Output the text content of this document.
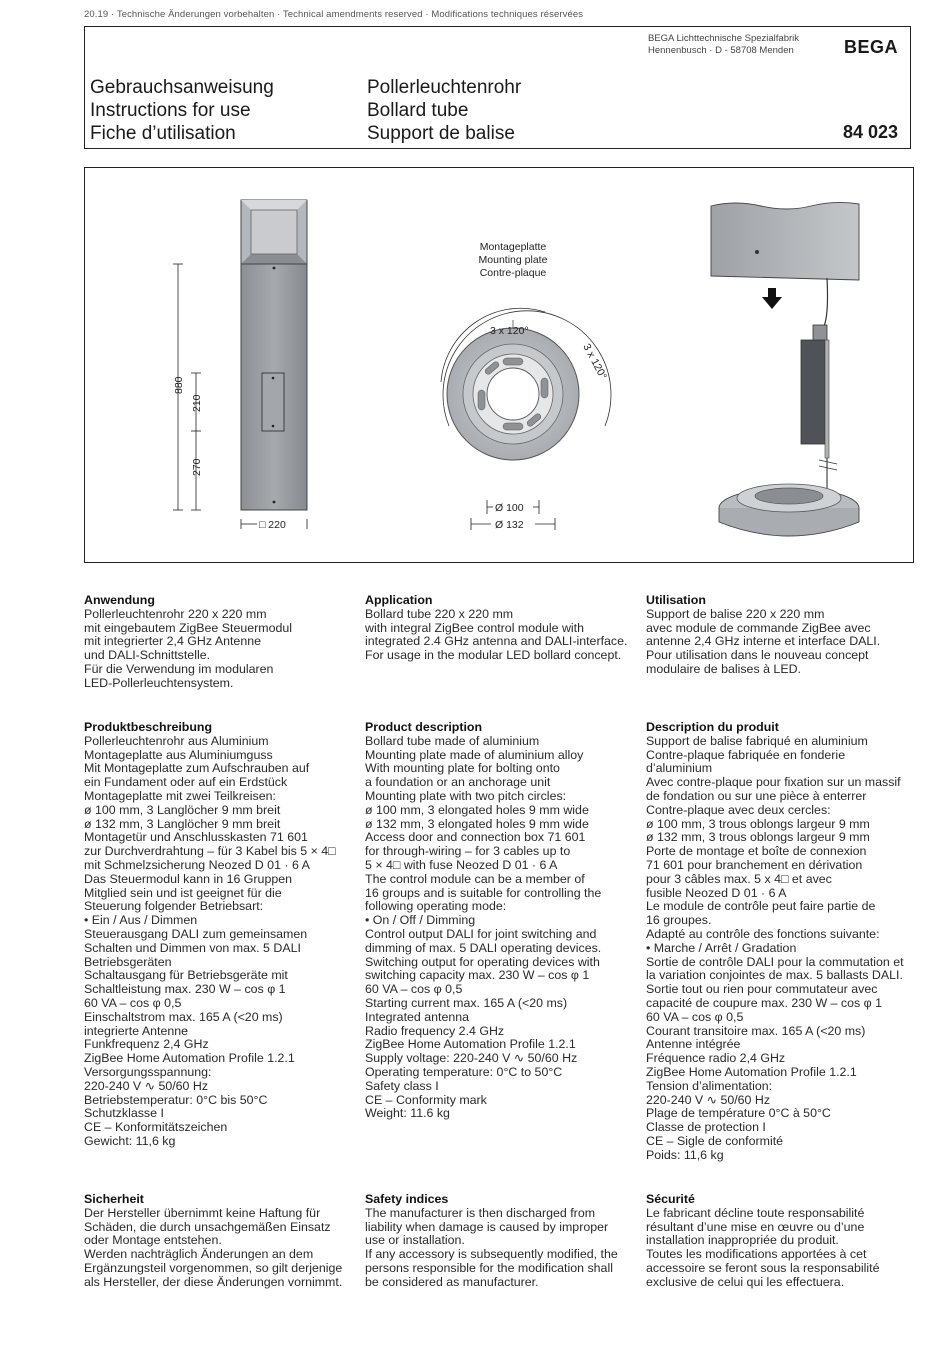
20.19 · Technische Änderungen vorbehalten · Technical amendments reserved · Modifications techniques réservées
BEGA Lichttechnische Spezialfabrik
Hennenbusch · D - 58708 Menden	BEGA
Gebrauchsanweisung
Instructions for use
Fiche d’utilisation
Pollerleuchtenrohr
Bollard tube
Support de balise	84 023
880
210
270
□ 220
Montageplatte
Mounting plate
Contre-plaque
3 x 120°
3 x 120°
Ø 100
Ø 132
Anwendung
Pollerleuchtenrohr 220 x 220 mm
mit eingebautem ZigBee Steuermodul
mit integrierter 2,4 GHz Antenne
und DALI-Schnittstelle.
Für die Verwendung im modularen
LED-Pollerleuchtensystem.
Produktbeschreibung
Pollerleuchtenrohr aus Aluminium
Montageplatte aus Aluminiumguss
Mit Montageplatte zum Aufschrauben auf
ein Fundament oder auf ein Erdstück
Montageplatte mit zwei Teilkreisen:
ø 100 mm, 3 Langlöcher 9 mm breit
ø 132 mm, 3 Langlöcher 9 mm breit
Montagetür und Anschlusskasten 71 601
zur Durchverdrahtung – für 3 Kabel bis 5 × 4□
mit Schmelzsicherung Neozed D 01 · 6 A
Das Steuermodul kann in 16 Gruppen
Mitglied sein und ist geeignet für die
Steuerung folgender Betriebsart:
• Ein / Aus / Dimmen
Steuerausgang DALI zum gemeinsamen
Schalten und Dimmen von max. 5 DALI
Betriebsgeräten
Schaltausgang für Betriebsgeräte mit
Schaltleistung max. 230 W – cos φ 1
60 VA – cos φ 0,5
Einschaltstrom max. 165 A (<20 ms)
integrierte Antenne
Funkfrequenz 2,4 GHz
ZigBee Home Automation Profile 1.2.1
Versorgungsspannung:
220-240 V ∿ 50/60 Hz
Betriebstemperatur: 0°C bis 50°C
Schutzklasse I
CE – Konformitätszeichen
Gewicht: 11,6 kg
Sicherheit
Der Hersteller übernimmt keine Haftung für
Schäden, die durch unsachgemäßen Einsatz
oder Montage entstehen.
Werden nachträglich Änderungen an dem
Ergänzungsteil vorgenommen, so gilt derjenige
als Hersteller, der diese Änderungen vornimmt.
Application
Bollard tube 220 x 220 mm
with integral ZigBee control module with
integrated 2.4 GHz antenna and DALI-interface.
For usage in the modular LED bollard concept.
Product description
Bollard tube made of aluminium
Mounting plate made of aluminium alloy
With mounting plate for bolting onto
a foundation or an anchorage unit
Mounting plate with two pitch circles:
ø 100 mm, 3 elongated holes 9 mm wide
ø 132 mm, 3 elongated holes 9 mm wide
Access door and connection box 71 601
for through-wiring – for 3 cables up to
5 × 4□ with fuse Neozed D 01 · 6 A
The control module can be a member of
16 groups and is suitable for controlling the
following operating mode:
• On / Off / Dimming
Control output DALI for joint switching and
dimming of max. 5 DALI operating devices.
Switching output for operating devices with
switching capacity max. 230 W – cos φ 1
60 VA – cos φ 0,5
Starting current max. 165 A (<20 ms)
Integrated antenna
Radio frequency 2.4 GHz
ZigBee Home Automation Profile 1.2.1
Supply voltage: 220-240 V ∿ 50/60 Hz
Operating temperature: 0°C to 50°C
Safety class I
CE – Conformity mark
Weight: 11.6 kg
Safety indices
The manufacturer is then discharged from
liability when damage is caused by improper
use or installation.
If any accessory is subsequently modified, the
persons responsible for the modification shall
be considered as manufacturer.
Utilisation
Support de balise 220 x 220 mm
avec module de commande ZigBee avec
antenne 2,4 GHz interne et interface DALI.
Pour utilisation dans le nouveau concept
modulaire de balises à LED.
Description du produit
Support de balise fabriqué en aluminium
Contre-plaque fabriquée en fonderie
d’aluminium
Avec contre-plaque pour fixation sur un massif
de fondation ou sur une pièce à enterrer
Contre-plaque avec deux cercles:
ø 100 mm, 3 trous oblongs largeur 9 mm
ø 132 mm, 3 trous oblongs largeur 9 mm
Porte de montage et boîte de connexion
71 601 pour branchement en dérivation
pour 3 câbles max. 5 x 4□ et avec
fusible Neozed D 01 · 6 A
Le module de contrôle peut faire partie de
16 groupes.
Adapté au contrôle des fonctions suivante:
• Marche / Arrêt / Gradation
Sortie de contrôle DALI pour la commutation et
la variation conjointes de max. 5 ballasts DALI.
Sortie tout ou rien pour commutateur avec
capacité de coupure max. 230 W – cos φ 1
60 VA – cos φ 0,5
Courant transitoire max. 165 A (<20 ms)
Antenne intégrée
Fréquence radio 2,4 GHz
ZigBee Home Automation Profile 1.2.1
Tension d’alimentation:
220-240 V ∿ 50/60 Hz
Plage de température 0°C à 50°C
Classe de protection I
CE – Sigle de conformité
Poids: 11,6 kg
Sécurité
Le fabricant décline toute responsabilité
résultant d’une mise en œuvre ou d’une
installation inappropriée du produit.
Toutes les modifications apportées à cet
accessoire se feront sous la responsabilité
exclusive de celui qui les effectuera.
